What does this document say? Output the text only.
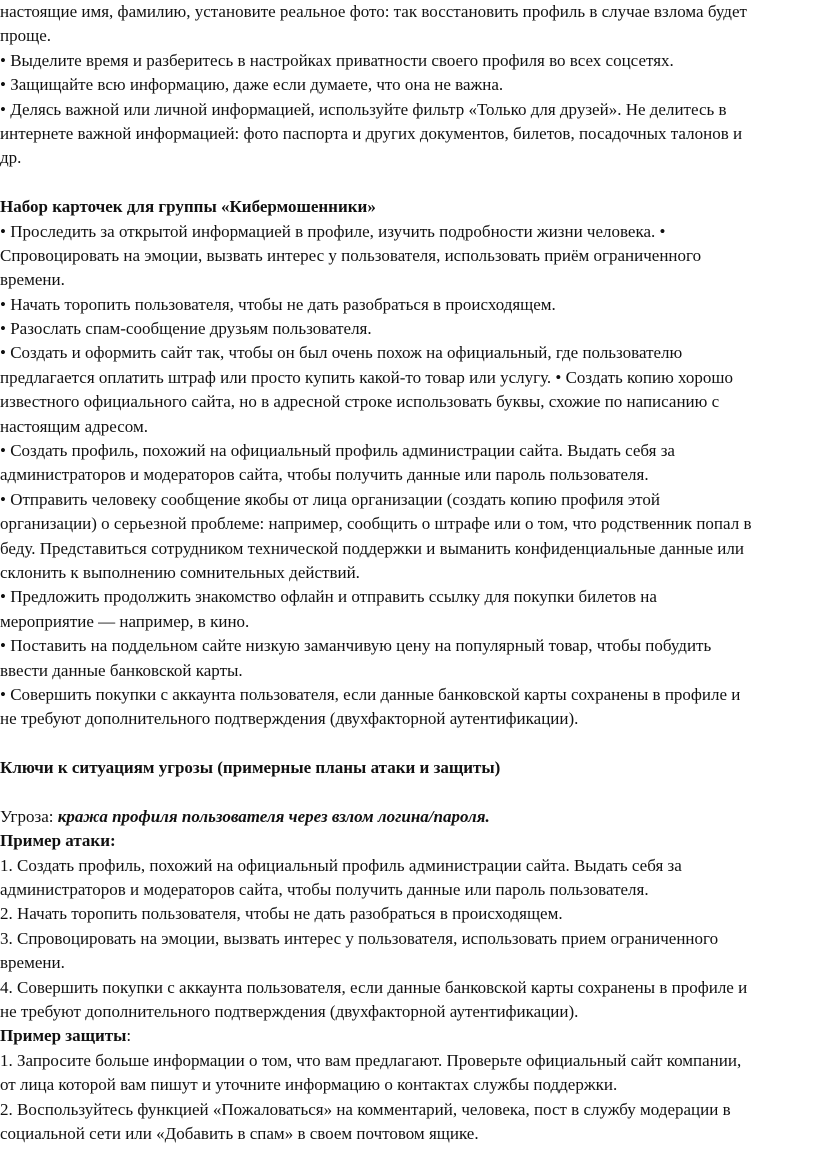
настоящие имя, фамилию, установите реальное фото: так восстановить профиль в случае взлома будет
проще.
• Выделите время и разберитесь в настройках приватности своего профиля во всех соцсетях.
• Защищайте всю информацию, даже если думаете, что она не важна.
• Делясь важной или личной информацией, используйте фильтр «Только для друзей». Не делитесь в
интернете важной информацией: фото паспорта и других документов, билетов, посадочных талонов и
др.
Набор карточек для группы «Кибермошенники»
• Проследить за открытой информацией в профиле, изучить подробности жизни человека. •
Спровоцировать на эмоции, вызвать интерес у пользователя, использовать приём ограниченного
времени.
• Начать торопить пользователя, чтобы не дать разобраться в происходящем.
• Разослать спам-сообщение друзьям пользователя.
• Создать и оформить сайт так, чтобы он был очень похож на официальный, где пользователю
предлагается оплатить штраф или просто купить какой-то товар или услугу. • Создать копию хорошо
известного официального сайта, но в адресной строке использовать буквы, схожие по написанию с
настоящим адресом.
• Создать профиль, похожий на официальный профиль администрации сайта. Выдать себя за
администраторов и модераторов сайта, чтобы получить данные или пароль пользователя.
• Отправить человеку сообщение якобы от лица организации (создать копию профиля этой
организации) о серьезной проблеме: например, сообщить о штрафе или о том, что родственник попал в
беду. Представиться сотрудником технической поддержки и выманить конфиденциальные данные или
склонить к выполнению сомнительных действий.
• Предложить продолжить знакомство офлайн и отправить ссылку для покупки билетов на
мероприятие — например, в кино.
• Поставить на поддельном сайте низкую заманчивую цену на популярный товар, чтобы побудить
ввести данные банковской карты.
• Совершить покупки с аккаунта пользователя, если данные банковской карты сохранены в профиле и
не требуют дополнительного подтверждения (двухфакторной аутентификации).
Ключи к ситуациям угрозы (примерные планы атаки и защиты)
Угроза: кража профиля пользователя через взлом логина/пароля.
Пример атаки:
1. Создать профиль, похожий на официальный профиль администрации сайта. Выдать себя за
администраторов и модераторов сайта, чтобы получить данные или пароль пользователя.
2. Начать торопить пользователя, чтобы не дать разобраться в происходящем.
3. Спровоцировать на эмоции, вызвать интерес у пользователя, использовать прием ограниченного
времени.
4. Совершить покупки с аккаунта пользователя, если данные банковской карты сохранены в профиле и
не требуют дополнительного подтверждения (двухфакторной аутентификации).
Пример защиты:
1. Запросите больше информации о том, что вам предлагают. Проверьте официальный сайт компании,
от лица которой вам пишут и уточните информацию о контактах службы поддержки.
2. Воспользуйтесь функцией «Пожаловаться» на комментарий, человека, пост в службу модерации в
социальной сети или «Добавить в спам» в своем почтовом ящике.
